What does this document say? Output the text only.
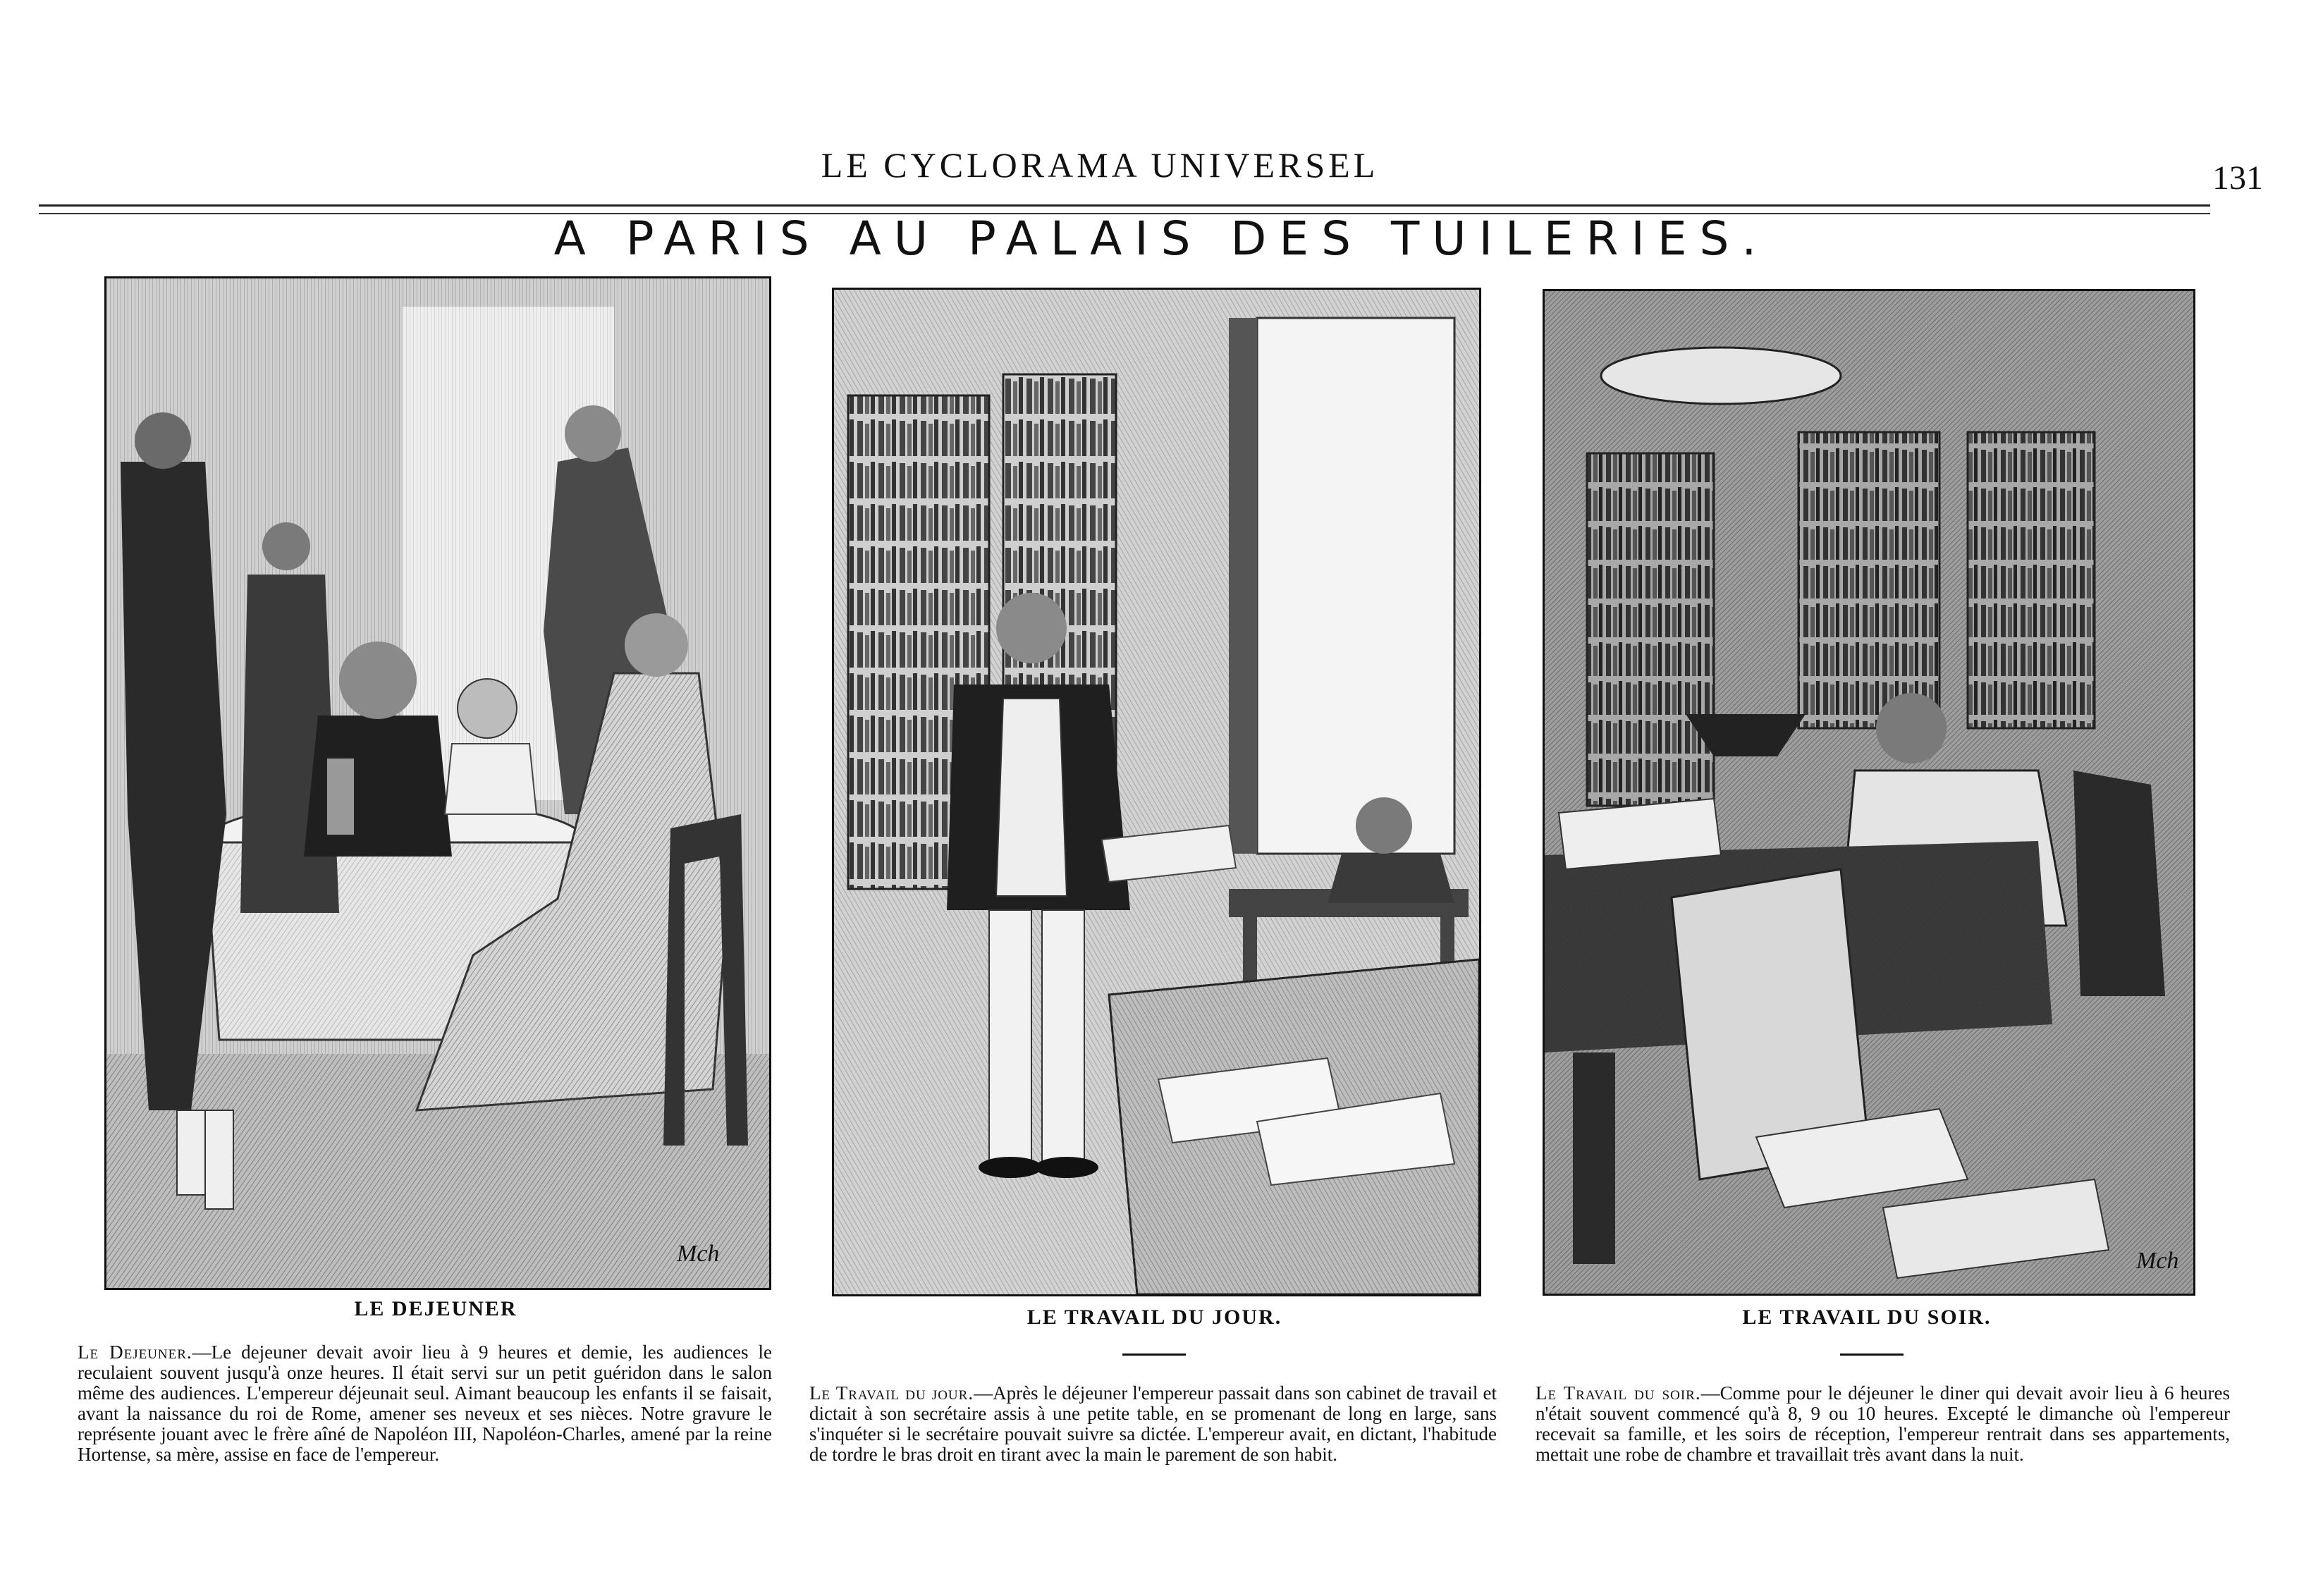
LE CYCLORAMA UNIVERSEL	131
A PARIS AU PALAIS DES TUILERIES.
LE DEJEUNER
Mch
LE TRAVAIL DU JOUR.	LE TRAVAIL DU SOIR.
Mch
Le Dejeuner.—Le dejeuner devait avoir lieu à 9 heures et demie, les audiences le reculaient souvent jusqu'à onze heures. Il était servi sur un petit guéridon dans le salon même des audiences. L'empereur déjeunait seul. Aimant beaucoup les enfants il se faisait, avant la naissance du roi de Rome, amener ses neveux et ses nièces. Notre gravure le représente jouant avec le frère aîné de Napoléon III, Napoléon-Charles, amené par la reine Hortense, sa mère, assise en face de l'empereur.
Le Travail du jour.—Après le déjeuner l'empereur passait dans son cabinet de travail et dictait à son secrétaire assis à une petite table, en se promenant de long en large, sans s'inquéter si le secrétaire pouvait suivre sa dictée. L'empereur avait, en dictant, l'habitude de tordre le bras droit en tirant avec la main le parement de son habit.
Le Travail du soir.—Comme pour le déjeuner le diner qui devait avoir lieu à 6 heures n'était souvent commencé qu'à 8, 9 ou 10 heures. Excepté le dimanche où l'empereur recevait sa famille, et les soirs de réception, l'empereur rentrait dans ses appartements, mettait une robe de chambre et travaillait très avant dans la nuit.
